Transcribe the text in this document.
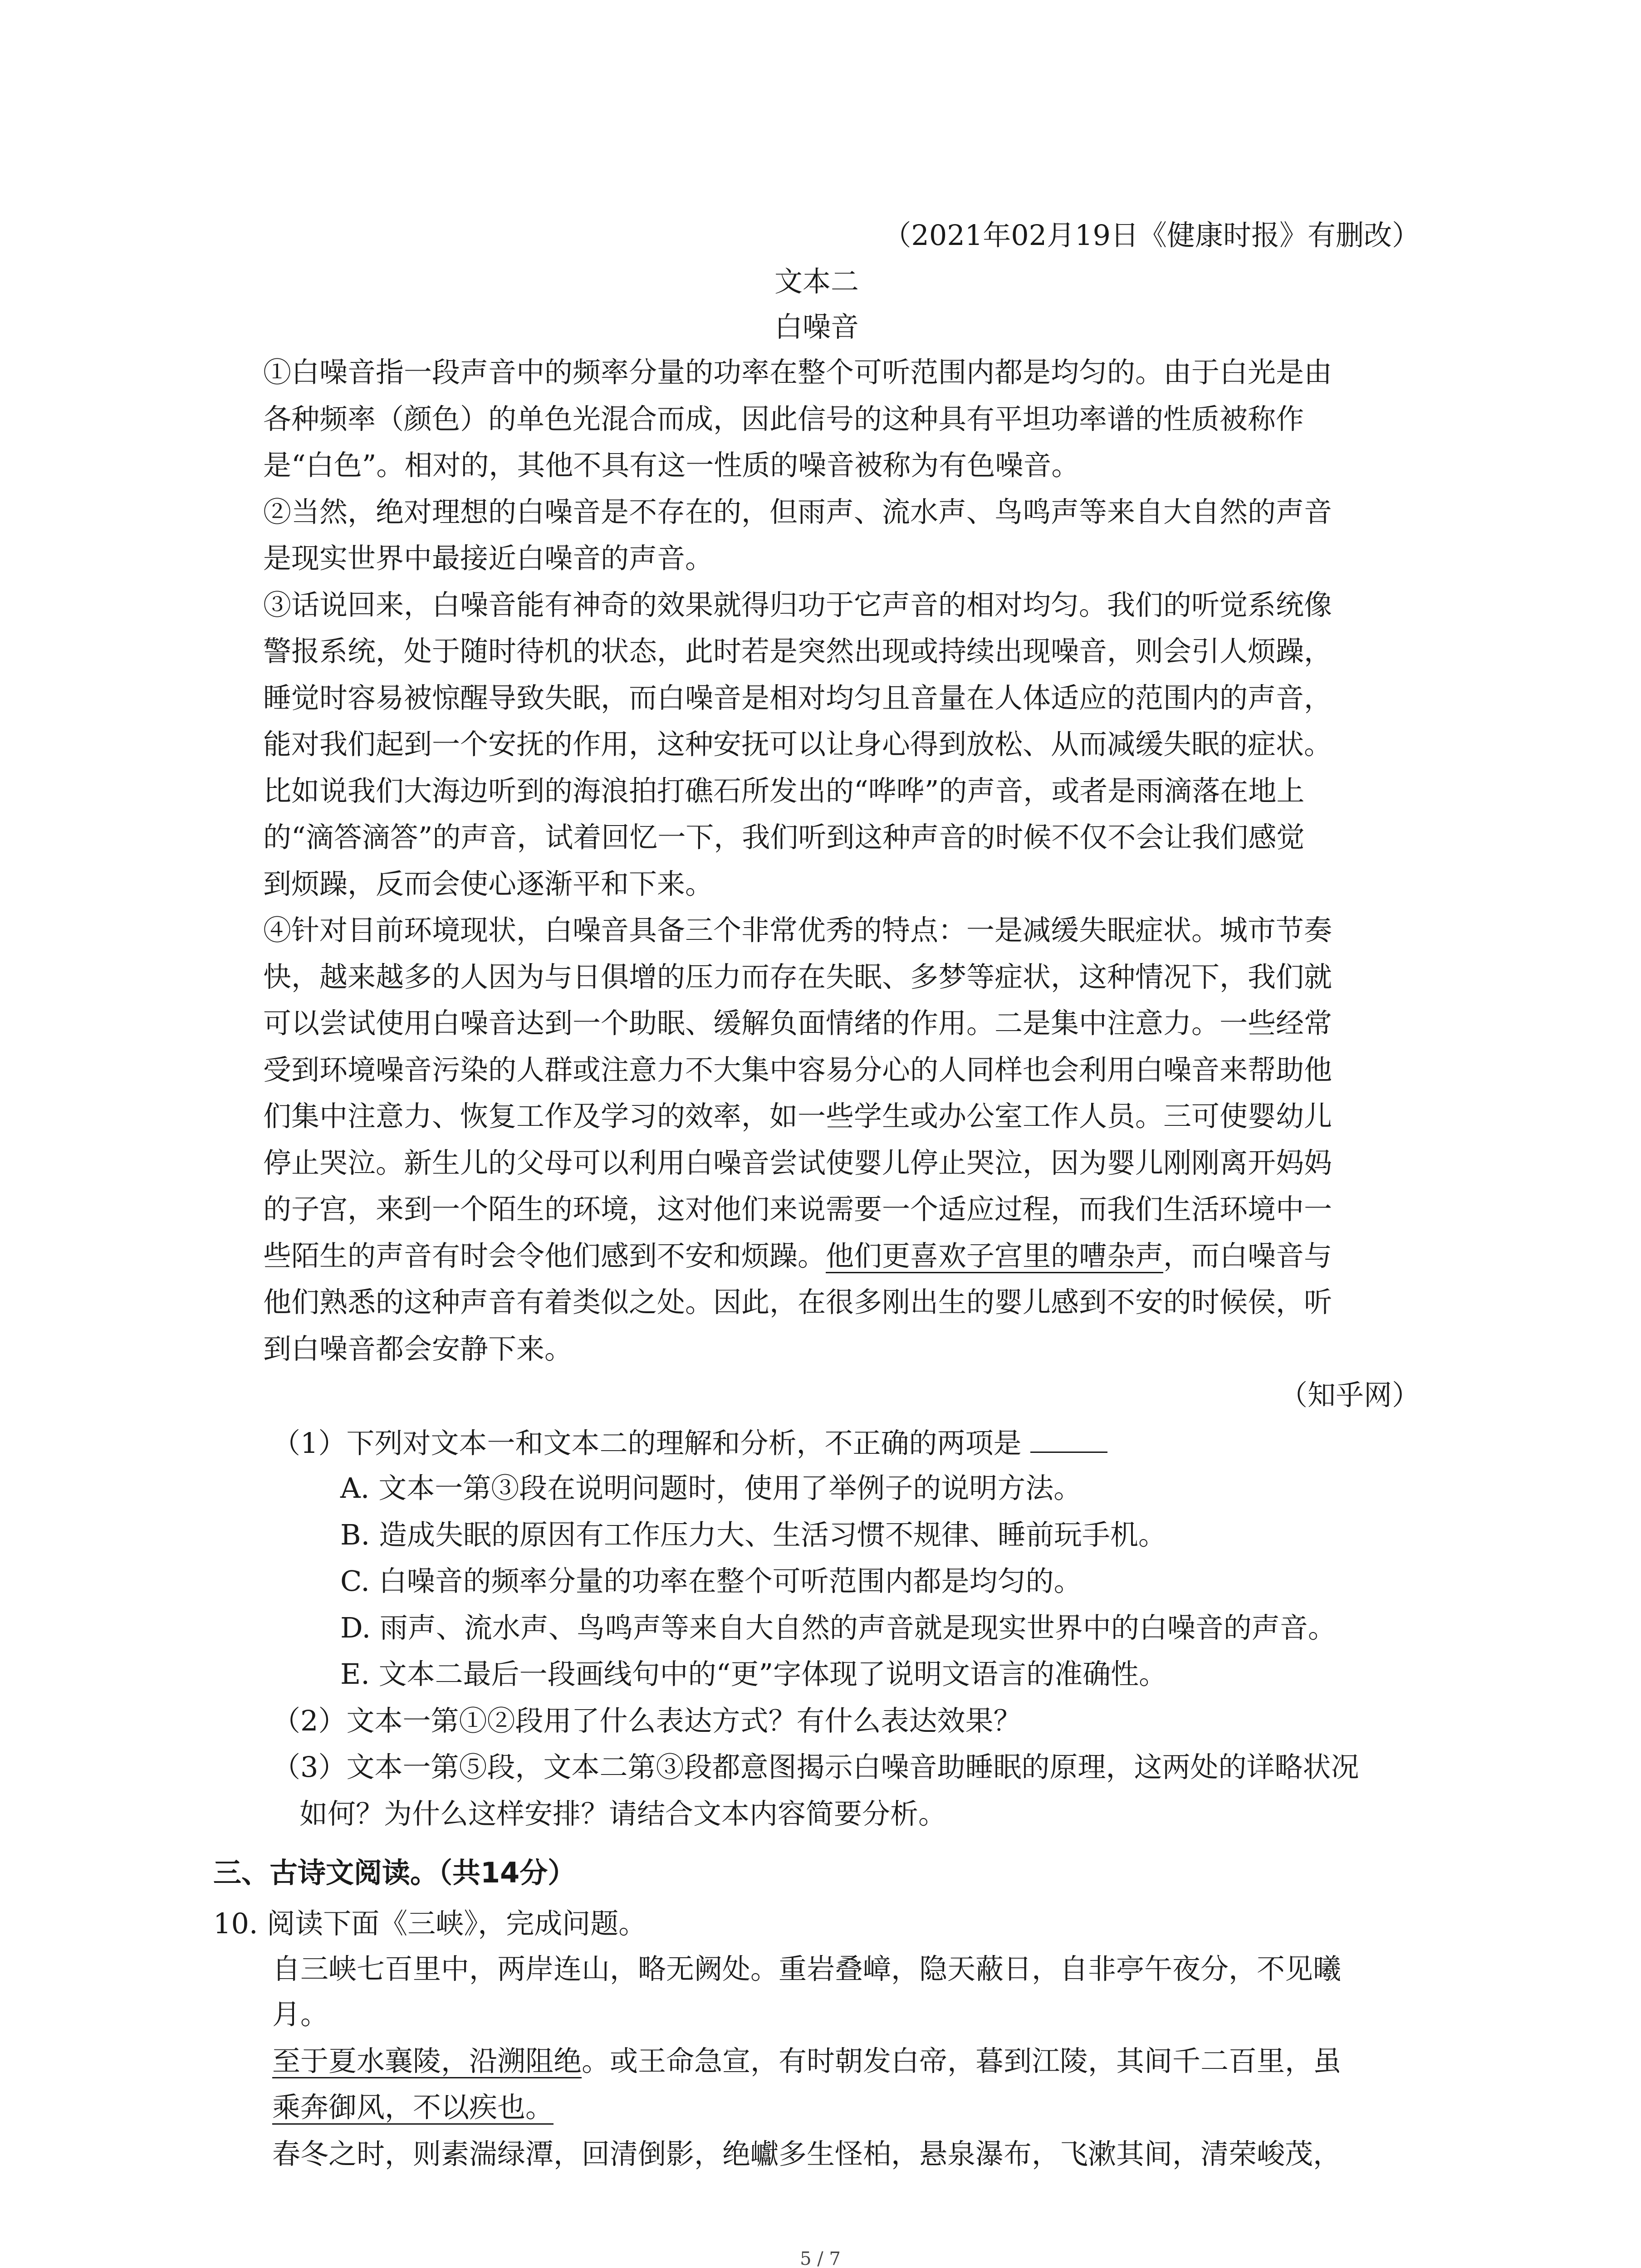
（2021年02月19日《健康时报》有删改）
文本二
白噪音
①白噪音指一段声音中的频率分量的功率在整个可听范围内都是均匀的。由于白光是由
各种频率（颜色）的单色光混合而成，因此信号的这种具有平坦功率谱的性质被称作
是“白色”。相对的，其他不具有这一性质的噪音被称为有色噪音。
②当然，绝对理想的白噪音是不存在的，但雨声、流水声、鸟鸣声等来自大自然的声音
是现实世界中最接近白噪音的声音。
③话说回来，白噪音能有神奇的效果就得归功于它声音的相对均匀。我们的听觉系统像
警报系统，处于随时待机的状态，此时若是突然出现或持续出现噪音，则会引人烦躁，
睡觉时容易被惊醒导致失眠，而白噪音是相对均匀且音量在人体适应的范围内的声音，
能对我们起到一个安抚的作用，这种安抚可以让身心得到放松、从而减缓失眠的症状。
比如说我们大海边听到的海浪拍打礁石所发出的“哗哗”的声音，或者是雨滴落在地上
的“滴答滴答”的声音，试着回忆一下，我们听到这种声音的时候不仅不会让我们感觉
到烦躁，反而会使心逐渐平和下来。
④针对目前环境现状，白噪音具备三个非常优秀的特点：一是减缓失眠症状。城市节奏
快，越来越多的人因为与日俱增的压力而存在失眠、多梦等症状，这种情况下，我们就
可以尝试使用白噪音达到一个助眠、缓解负面情绪的作用。二是集中注意力。一些经常
受到环境噪音污染的人群或注意力不大集中容易分心的人同样也会利用白噪音来帮助他
们集中注意力、恢复工作及学习的效率，如一些学生或办公室工作人员。三可使婴幼儿
停止哭泣。新生儿的父母可以利用白噪音尝试使婴儿停止哭泣，因为婴儿刚刚离开妈妈
的子宫，来到一个陌生的环境，这对他们来说需要一个适应过程，而我们生活环境中一
些陌生的声音有时会令他们感到不安和烦躁。他们更喜欢子宫里的嘈杂声，而白噪音与
他们熟悉的这种声音有着类似之处。因此，在很多刚出生的婴儿感到不安的时候侯，听
到白噪音都会安静下来。
（知乎网）
（1）下列对文本一和文本二的理解和分析，不正确的两项是
A. 文本一第③段在说明问题时，使用了举例子的说明方法。
B. 造成失眠的原因有工作压力大、生活习惯不规律、睡前玩手机。
C. 白噪音的频率分量的功率在整个可听范围内都是均匀的。
D. 雨声、流水声、鸟鸣声等来自大自然的声音就是现实世界中的白噪音的声音。
E. 文本二最后一段画线句中的“更”字体现了说明文语言的准确性。
（2）文本一第①②段用了什么表达方式？有什么表达效果？
（3）文本一第⑤段，文本二第③段都意图揭示白噪音助睡眠的原理，这两处的详略状况
如何？为什么这样安排？请结合文本内容简要分析。
三、古诗文阅读。（共14分）
10. 阅读下面《三峡》，完成问题。
自三峡七百里中，两岸连山，略无阙处。重岩叠嶂，隐天蔽日，自非亭午夜分，不见曦
月。
至于夏水襄陵，沿溯阻绝。或王命急宣，有时朝发白帝，暮到江陵，其间千二百里，虽
乘奔御风，不以疾也。
春冬之时，则素湍绿潭，回清倒影，绝巘多生怪柏，悬泉瀑布，飞漱其间，清荣峻茂，
5 / 7
